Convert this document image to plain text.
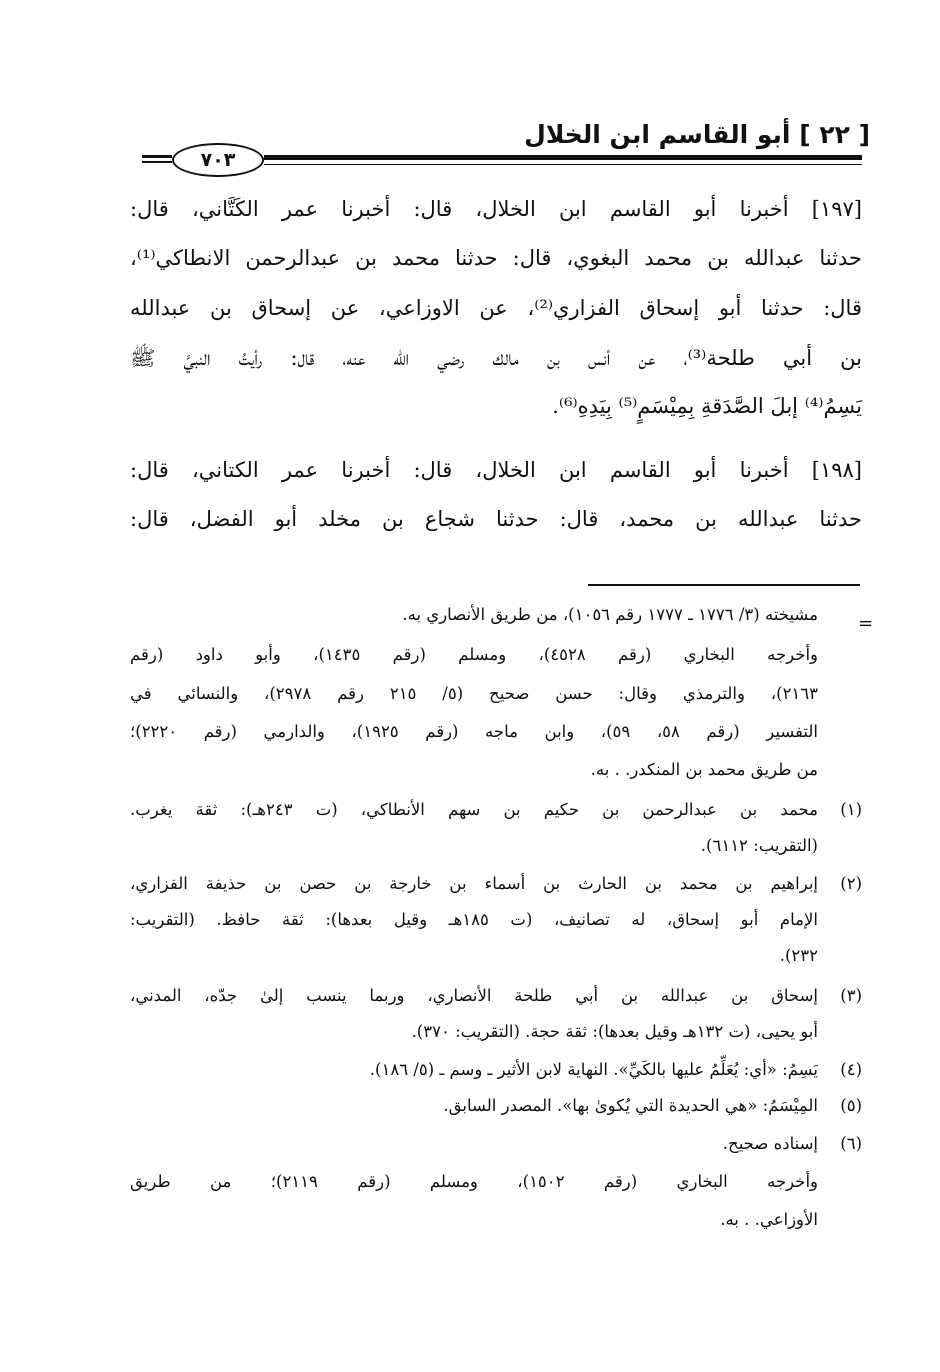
[ ٢٢ ] أبو القاسم ابن الخلال
٧٠٣
[١٩٧] أخبرنا أبو القاسم ابن الخلال، قال: أخبرنا عمر الكَتَّاني، قال:
حدثنا عبدالله بن محمد البغوي، قال: حدثنا محمد بن عبدالرحمن الانطاكي⁽¹⁾،
قال: حدثنا أبو إسحاق الفزاري⁽²⁾، عن الاوزاعي، عن إسحاق بن عبدالله
بن أبي طلحة⁽³⁾، عن أنس بن مالك رضي الله عنه، قال: رأيتُ النبيَّ ﷺ
يَسِمُ⁽⁴⁾ إبلَ الصَّدَقةِ بِمِيْسَمٍ⁽⁵⁾ بِيَدِهِ⁽⁶⁾.
[١٩٨] أخبرنا أبو القاسم ابن الخلال، قال: أخبرنا عمر الكتاني، قال:
حدثنا عبدالله بن محمد، قال: حدثنا شجاع بن مخلد أبو الفضل، قال:
=
مشيخته (٣/ ١٧٧٦ ـ ١٧٧٧ رقم ١٠٥٦)، من طريق الأنصاري به.
وأخرجه البخاري (رقم ٤٥٢٨)، ومسلم (رقم ١٤٣٥)، وأبو داود (رقم
٢١٦٣)، والترمذي وقال: حسن صحيح (٥/ ٢١٥ رقم ٢٩٧٨)، والنسائي في
التفسير (رقم ٥٨، ٥٩)، وابن ماجه (رقم ١٩٢٥)، والدارمي (رقم ٢٢٢٠)؛
من طريق محمد بن المنكدر. . به.
(١)
محمد بن عبدالرحمن بن حكيم بن سهم الأنطاكي، (ت ٢٤٣هـ): ثقة يغرب.
(التقريب: ٦١١٢).
(٢)
إبراهيم بن محمد بن الحارث بن أسماء بن خارجة بن حصن بن حذيفة الفزاري،
الإمام أبو إسحاق، له تصانيف، (ت ١٨٥هـ وقيل بعدها): ثقة حافظ. (التقريب:
٢٣٢).
(٣)
إسحاق بن عبدالله بن أبي طلحة الأنصاري، وربما ينسب إلىٰ جدّه، المدني،
أبو يحيى، (ت ١٣٢هـ وقيل بعدها): ثقة حجة. (التقريب: ٣٧٠).
(٤)
يَسِمُ: «أي: يُعَلِّمُ عليها بالكَيِّ». النهاية لابن الأثير ـ وسم ـ (٥/ ١٨٦).
(٥)
المِيْسَمُ: «هي الحديدة التي يُكوىٰ بها». المصدر السابق.
(٦)
إسناده صحيح.
وأخرجه البخاري (رقم ١٥٠٢)، ومسلم (رقم ٢١١٩)؛ من طريق
الأوزاعي. . به.
